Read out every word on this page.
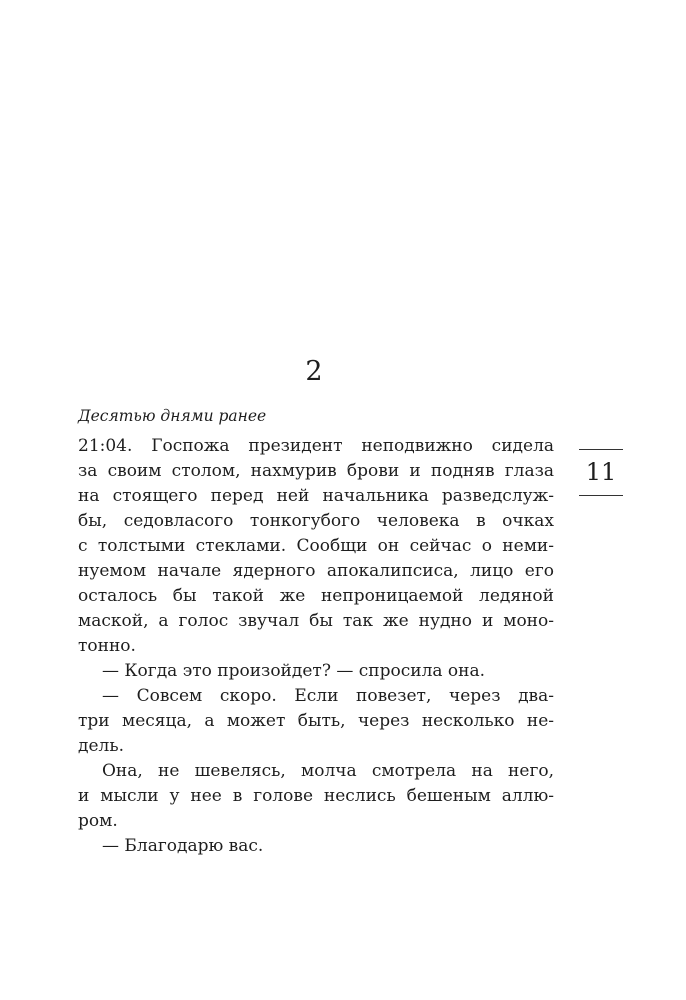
2
Десятью днями ранее
21:04. Госпожа президент неподвижно сидела
за своим столом, нахмурив брови и подняв глаза
на стоящего перед ней начальника разведслуж-
бы, седовласого тонкогубого человека в очках
с толстыми стеклами. Сообщи он сейчас о неми-
нуемом начале ядерного апокалипсиса, лицо его
осталось бы такой же непроницаемой ледяной
маской, а голос звучал бы так же нудно и моно-
тонно.
— Когда это произойдет? — спросила она.
— Совсем скоро. Если повезет, через два-
три месяца, а может быть, через несколько не-
дель.
Она, не шевелясь, молча смотрела на него,
и мысли у нее в голове неслись бешеным аллю-
ром.
— Благодарю вас.
11
